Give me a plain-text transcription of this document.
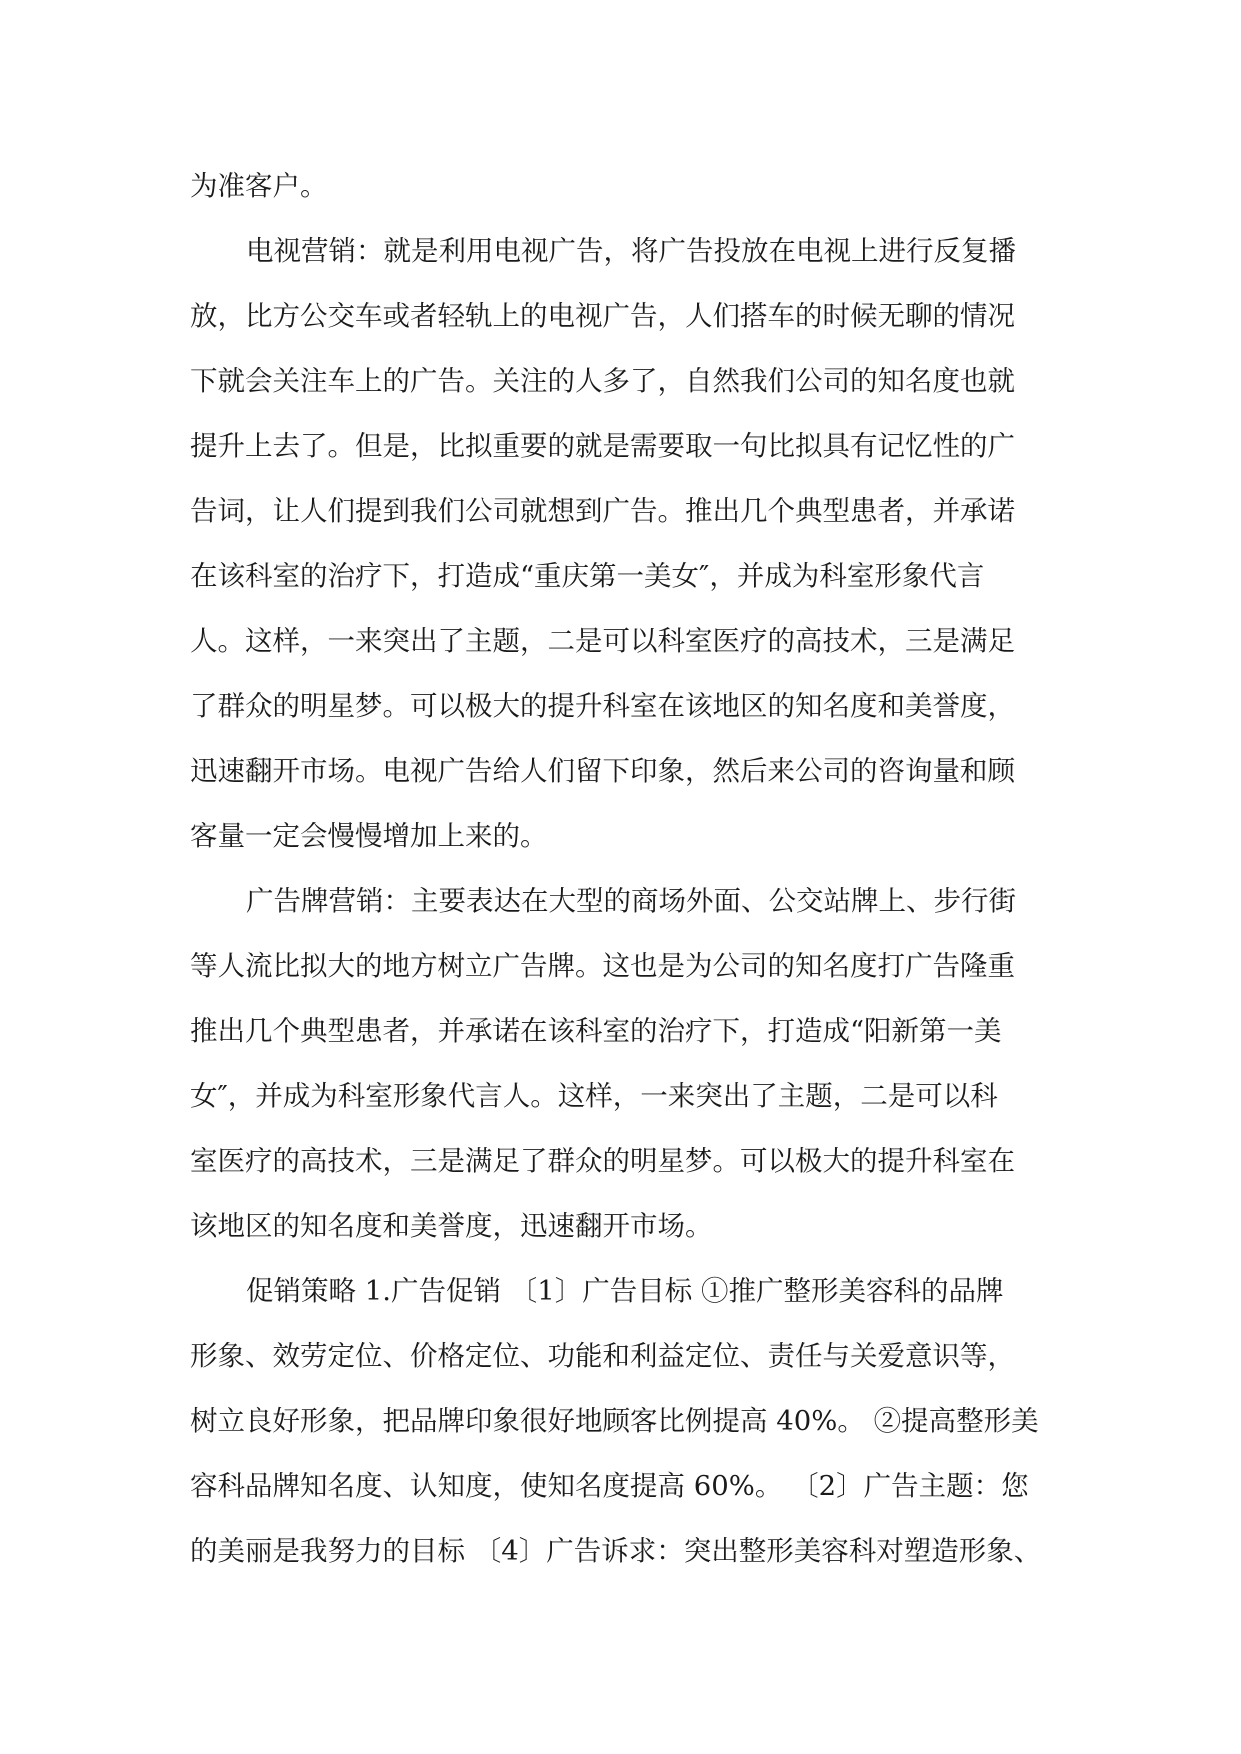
为准客户。
电视营销：就是利用电视广告，将广告投放在电视上进行反复播
放，比方公交车或者轻轨上的电视广告，人们搭车的时候无聊的情况
下就会关注车上的广告。关注的人多了，自然我们公司的知名度也就
提升上去了。但是，比拟重要的就是需要取一句比拟具有记忆性的广
告词，让人们提到我们公司就想到广告。推出几个典型患者，并承诺
在该科室的治疗下，打造成“重庆第一美女″，并成为科室形象代言
人。这样，一来突出了主题，二是可以科室医疗的高技术，三是满足
了群众的明星梦。可以极大的提升科室在该地区的知名度和美誉度，
迅速翻开市场。电视广告给人们留下印象，然后来公司的咨询量和顾
客量一定会慢慢增加上来的。
广告牌营销：主要表达在大型的商场外面、公交站牌上、步行街
等人流比拟大的地方树立广告牌。这也是为公司的知名度打广告隆重
推出几个典型患者，并承诺在该科室的治疗下，打造成“阳新第一美
女″，并成为科室形象代言人。这样，一来突出了主题，二是可以科
室医疗的高技术，三是满足了群众的明星梦。可以极大的提升科室在
该地区的知名度和美誉度，迅速翻开市场。
促销策略 1.广告促销 〔1〕广告目标 ①推广整形美容科的品牌
形象、效劳定位、价格定位、功能和利益定位、责任与关爱意识等，
树立良好形象，把品牌印象很好地顾客比例提高 40%。 ②提高整形美
容科品牌知名度、认知度，使知名度提高 60%。 〔2〕广告主题：您
的美丽是我努力的目标 〔4〕广告诉求：突出整形美容科对塑造形象、
